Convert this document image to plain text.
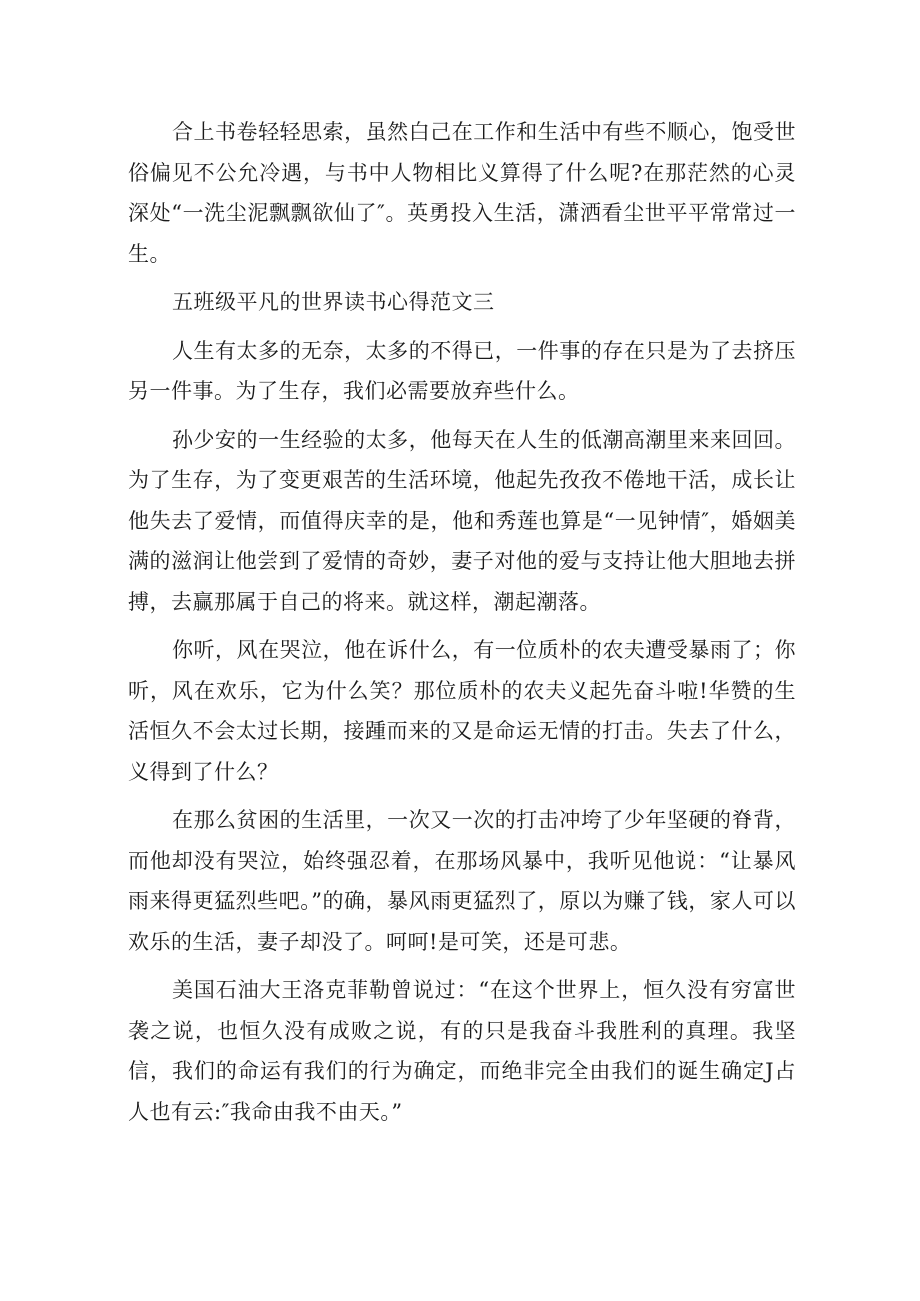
合上书卷轻轻思索，虽然白己在工作和生活中有些不顺心，饱受世俗偏见不公允冷遇，与书中人物相比义算得了什么呢?在那茫然的心灵深处“一洗尘泥飘飘欲仙了″。英勇投入生活，潇洒看尘世平平常常过一生。

五班级平凡的世界读书心得范文三

人生有太多的无奈，太多的不得已，一件事的存在只是为了去挤压另一件事。为了生存，我们必需要放弃些什么。

孙少安的一生经验的太多，他每天在人生的低潮高潮里来来回回。为了生存，为了变更艰苦的生活环境，他起先孜孜不倦地干活，成长让他失去了爱情，而值得庆幸的是，他和秀莲也算是“一见钟情″，婚姻美满的滋润让他尝到了爱情的奇妙，妻子对他的爱与支持让他大胆地去拼搏，去赢那属于自己的将来。就这样，潮起潮落。

你听，风在哭泣，他在诉什么，有一位质朴的农夫遭受暴雨了；你听，风在欢乐，它为什么笑？那位质朴的农夫义起先奋斗啦!华赞的生活恒久不会太过长期，接踵而来的又是命运无情的打击。失去了什么，义得到了什么？

在那么贫困的生活里，一次又一次的打击冲垮了少年坚硬的脊背，而他却没有哭泣，始终强忍着，在那场风暴中，我听见他说：“让暴风雨来得更猛烈些吧。”的确，暴风雨更猛烈了，原以为赚了钱，家人可以欢乐的生活，妻子却没了。呵呵!是可笑，还是可悲。

美国石油大王洛克菲勒曾说过：“在这个世界上，恒久没有穷富世袭之说，也恒久没有成败之说，有的只是我奋斗我胜利的真理。我坚信，我们的命运有我们的行为确定，而绝非完全由我们的诞生确定J占人也有云:″我命由我不由天。”
